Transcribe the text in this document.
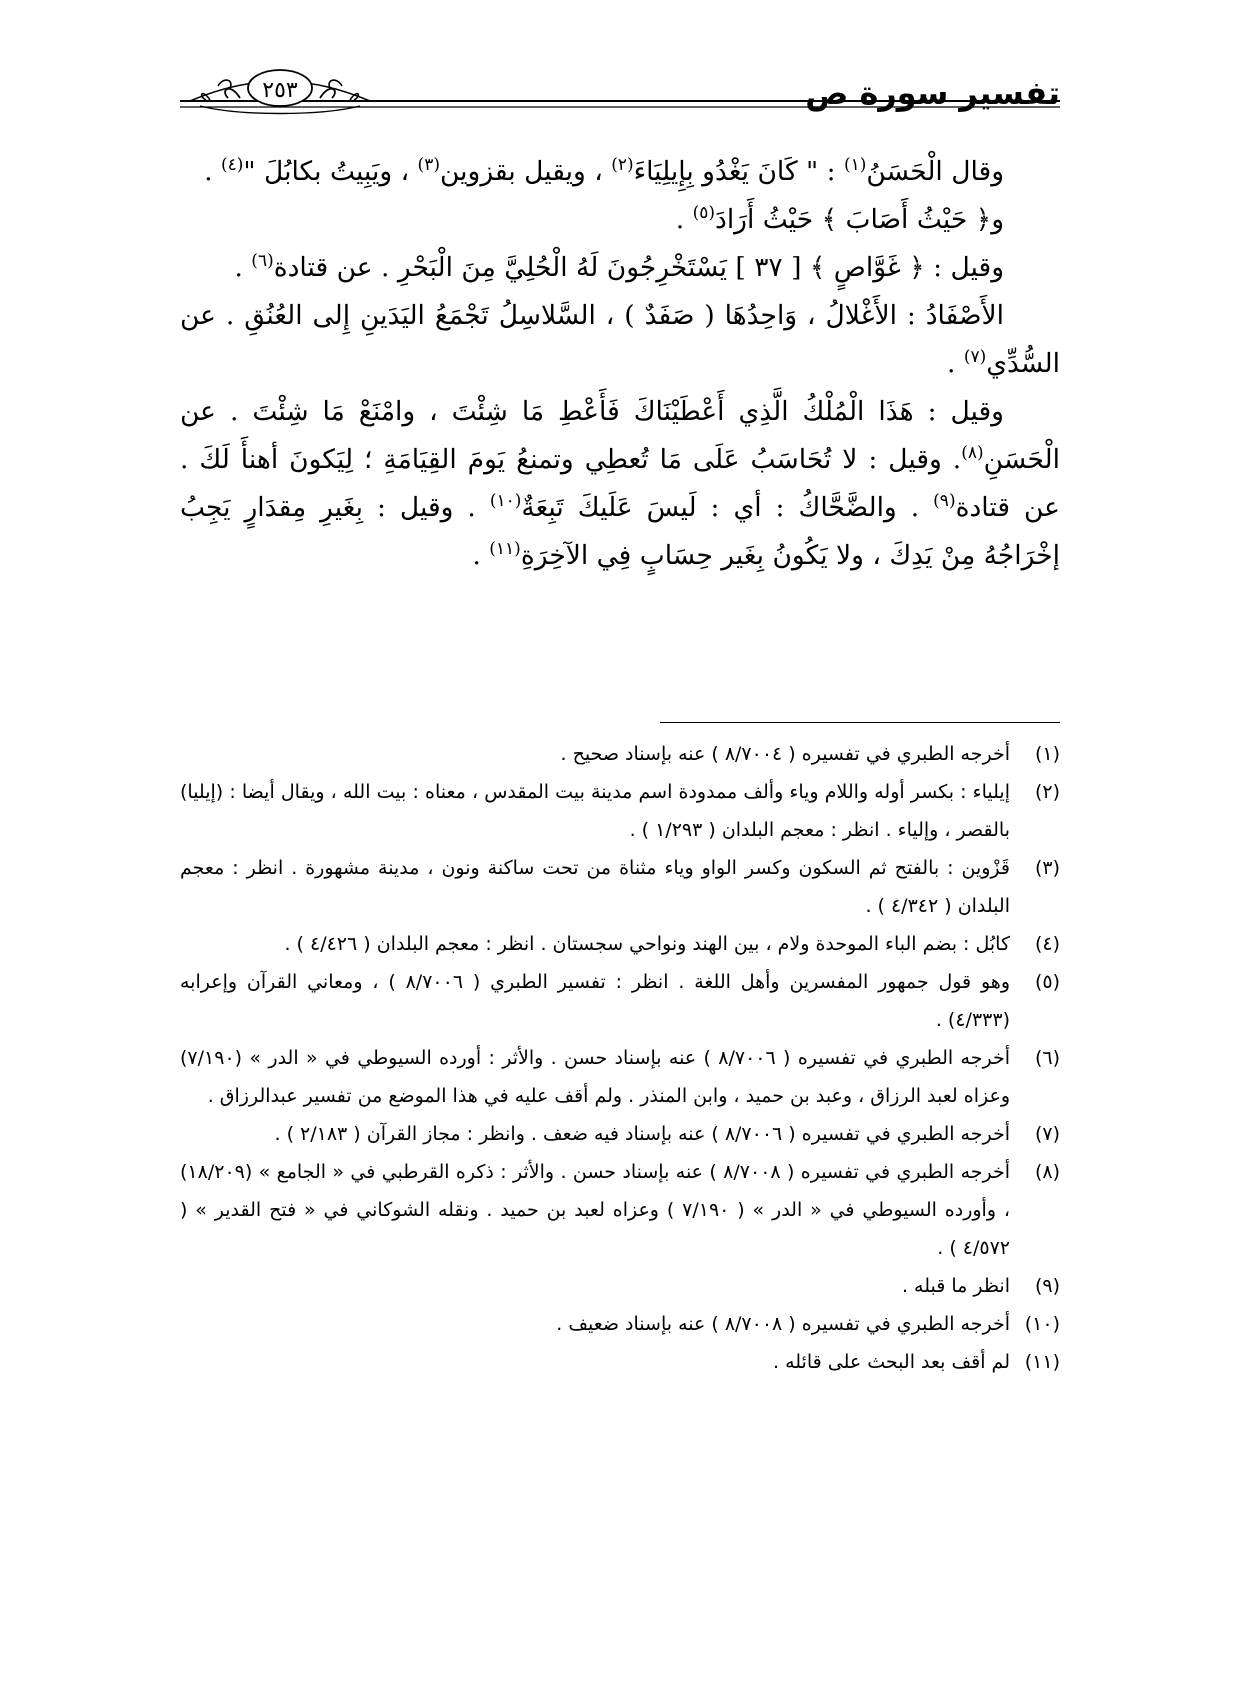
٢٥٣	تفسير سورة ص

وقال الْحَسَنُ$^{(١)}$ : " كَانَ يَغْدُو بِإِيلِيَاءَ$^{(٢)}$ ، ويقيل بقزوين$^{(٣)}$ ، ويَبِيتُ بكابُلَ "$^{(٤)}$ .

و﴿ حَيْثُ أَصَابَ ﴾ حَيْثُ أَرَادَ$^{(٥)}$ .

وقيل : ﴿ غَوَّاصٍ ﴾ [ ٣٧ ] يَسْتَخْرِجُونَ لَهُ الْحُلِيَّ مِنَ الْبَحْرِ . عن قتادة$^{(٦)}$ .

الأَصْفَادُ : الأَغْلالُ ، وَاحِدُهَا ( صَفَدٌ ) ، السَّلاسِلُ تَجْمَعُ اليَدَينِ إِلى العُنُقِ . عن السُّدِّي$^{(٧)}$ .

وقيل : هَذَا الْمُلْكُ الَّذِي أَعْطَيْنَاكَ فَأَعْطِ مَا شِئْتَ ، وامْنَعْ مَا شِئْتَ . عن الْحَسَنِ$^{(٨)}$. وقيل : لا تُحَاسَبُ عَلَى مَا تُعطِي وتمنعُ يَومَ القِيَامَةِ ؛ لِيَكونَ أهنأَ لَكَ . عن قتادة$^{(٩)}$ . والضَّحَّاكُ : أي : لَيسَ عَلَيكَ تَبِعَةٌ$^{(١٠)}$ . وقيل : بِغَيرِ مِقدَارٍ يَجِبُ إخْرَاجُهُ مِنْ يَدِكَ ، ولا يَكُونُ بِغَير حِسَابٍ فِي الآخِرَةِ$^{(١١)}$ .

(١)
أخرجه الطبري في تفسيره ( ٨/٧٠٠٤ ) عنه بإسناد صحيح .
(٢)
إيلياء : بكسر أوله واللام وياء وألف ممدودة اسم مدينة بيت المقدس ، معناه : بيت الله ، ويقال أيضا : (إيليا) بالقصر ، وإلياء . انظر : معجم البلدان ( ١/٢٩٣ ) .
(٣)
قَزْوين : بالفتح ثم السكون وكسر الواو وياء مثناة من تحت ساكنة ونون ، مدينة مشهورة . انظر : معجم البلدان ( ٤/٣٤٢ ) .
(٤)
كابُل : بضم الباء الموحدة ولام ، بين الهند ونواحي سجستان . انظر : معجم البلدان ( ٤/٤٢٦ ) .
(٥)
وهو قول جمهور المفسرين وأهل اللغة . انظر : تفسير الطبري ( ٨/٧٠٠٦ ) ، ومعاني القرآن وإعرابه (٤/٣٣٣) .
(٦)
أخرجه الطبري في تفسيره ( ٨/٧٠٠٦ ) عنه بإسناد حسن . والأثر : أورده السيوطي في « الدر » (٧/١٩٠) وعزاه لعبد الرزاق ، وعبد بن حميد ، وابن المنذر . ولم أقف عليه في هذا الموضع من تفسير عبدالرزاق .
(٧)
أخرجه الطبري في تفسيره ( ٨/٧٠٠٦ ) عنه بإسناد فيه ضعف . وانظر : مجاز القرآن ( ٢/١٨٣ ) .
(٨)
أخرجه الطبري في تفسيره ( ٨/٧٠٠٨ ) عنه بإسناد حسن . والأثر : ذكره القرطبي في « الجامع » (١٨/٢٠٩) ، وأورده السيوطي في « الدر » ( ٧/١٩٠ ) وعزاه لعبد بن حميد . ونقله الشوكاني في « فتح القدير » ( ٤/٥٧٢ ) .
(٩)
انظر ما قبله .
(١٠)
أخرجه الطبري في تفسيره ( ٨/٧٠٠٨ ) عنه بإسناد ضعيف .
(١١)
لم أقف بعد البحث على قائله .
